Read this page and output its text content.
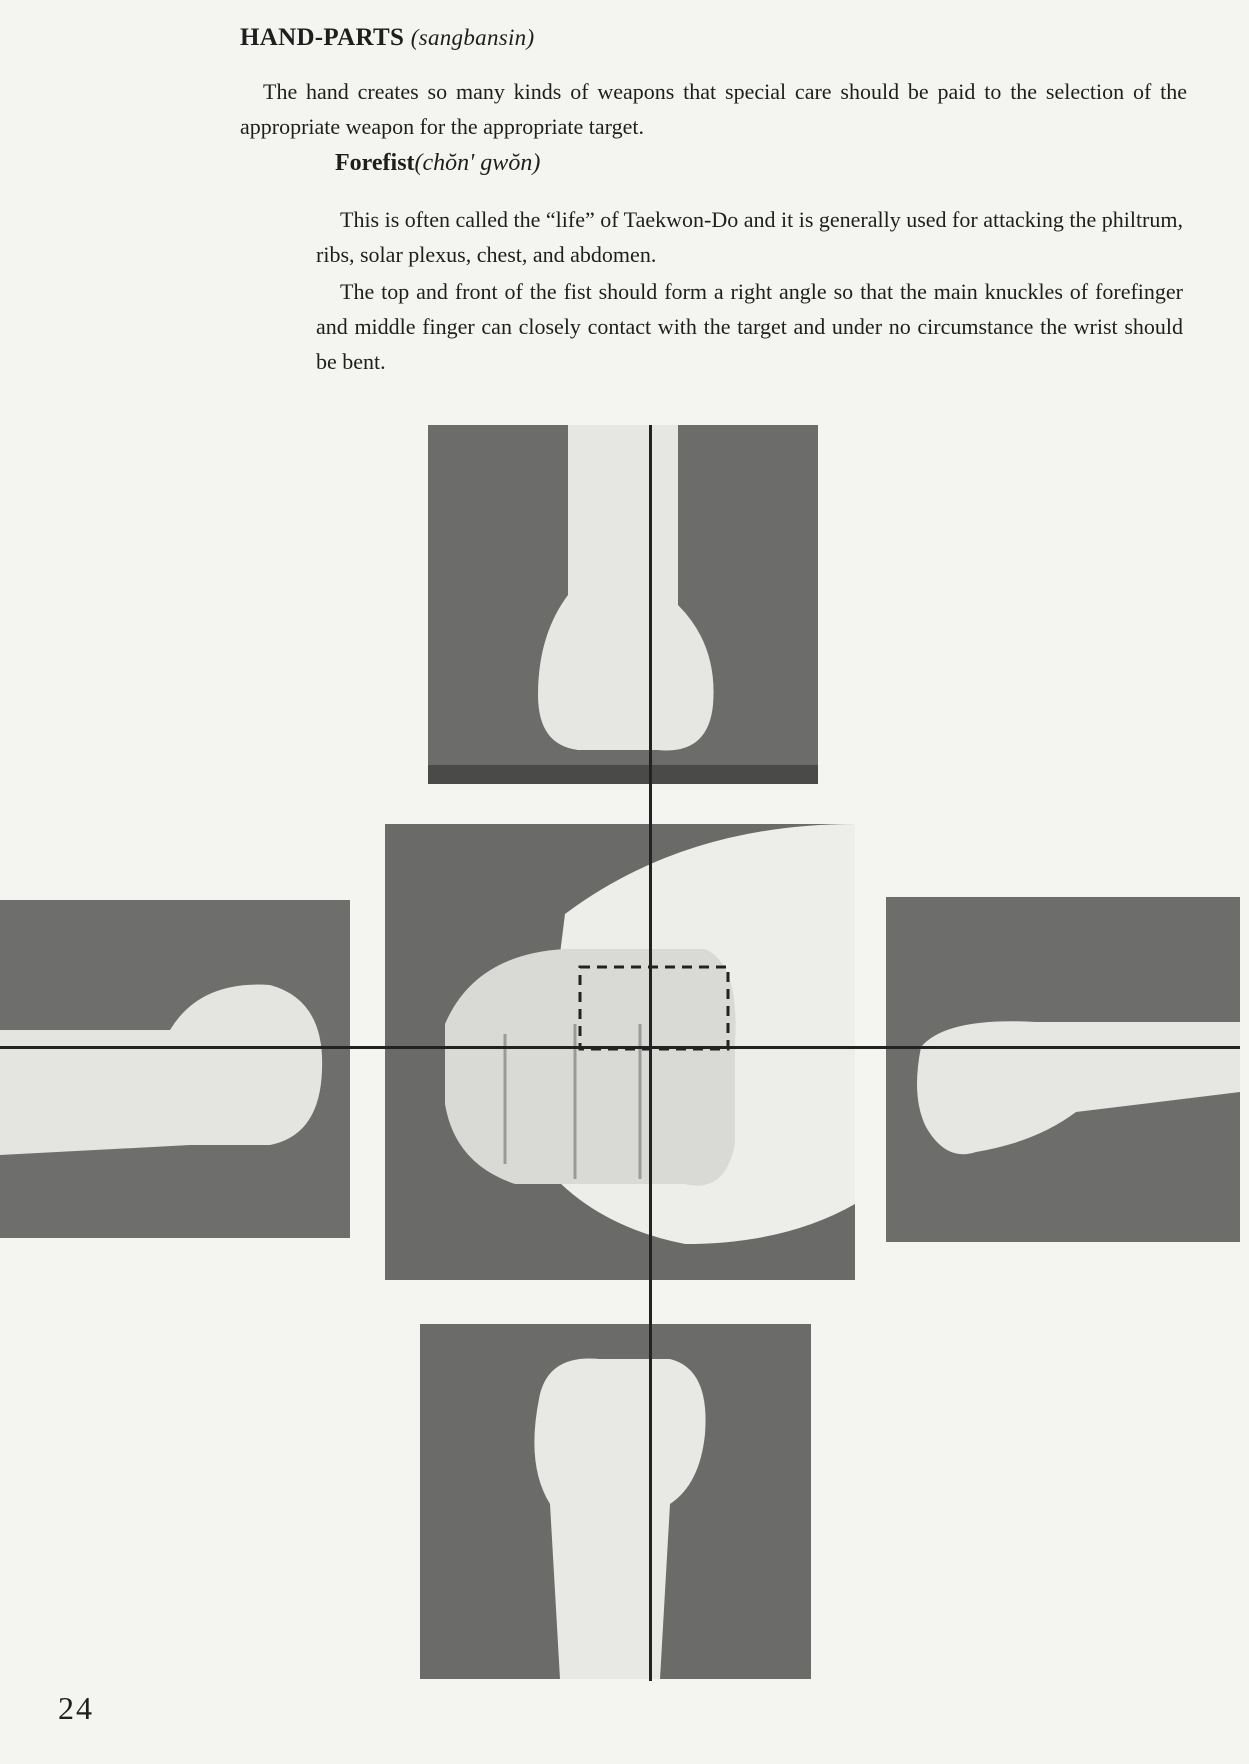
HAND-PARTS (sangbansin)
The hand creates so many kinds of weapons that special care should be paid to the selection of the appropriate weapon for the appropriate target.
Forefist(chŏn' gwŏn)
This is often called the “life” of Taekwon-Do and it is generally used for attacking the philtrum, ribs, solar plexus, chest, and abdomen.
The top and front of the fist should form a right angle so that the main knuckles of forefinger and middle finger can closely contact with the target and under no circumstance the wrist should be bent.
24
